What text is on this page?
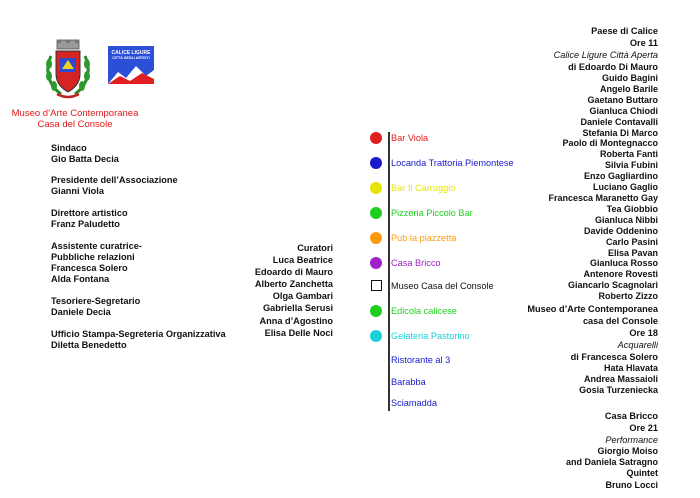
CALICE LIGURE
CITTÀ DEGLI ARTISTI
Museo d’Arte Contemporanea
Casa del Console
Sindaco
Gio Batta Decia
Presidente dell’Associazione
Gianni Viola
Direttore artistico
Franz Paludetto
Assistente curatrice-
Pubbliche relazioni
Francesca Solero
Alda Fontana
Tesoriere-Segretario
Daniele Decia
Ufficio Stampa-Segreteria Organizzativa
Diletta Benedetto
Curatori
Luca Beatrice
Edoardo di Mauro
Alberto Zanchetta
Olga Gambari
Gabriella Serusi
Anna d’Agostino
Elisa Delle Noci
Bar Viola
Locanda Trattoria Piemontese
Bar Il Carruggio
Pizzeria Piccolo Bar
Pub la piazzetta
Casa Bricco
Museo Casa del Console
Edicola calicese
Gelateria Pastorino
Ristorante al 3
Barabba
Sciamadda
Paese di Calice
Ore 11
Calice Ligure Città Aperta
di Edoardo Di Mauro
Guido Bagini
Angelo Barile
Gaetano Buttaro
Gianluca Chiodi
Daniele Contavalli
Stefania Di Marco
Paolo di Montegnacco
Roberta Fanti
Silvia Fubini
Enzo Gagliardino
Luciano Gaglio
Francesca Maranetto Gay
Tea Giobbio
Gianluca Nibbi
Davide Oddenino
Carlo Pasini
Elisa Pavan
Gianluca Rosso
Antenore Rovesti
Giancarlo Scagnolari
Roberto Zizzo
Museo d’Arte Contemporanea
casa del Console
Ore 18
Acquarelli
di Francesca Solero
Hata Hlavata
Andrea Massaioli
Gosia Turzeniecka
Casa Bricco
Ore 21
Performance
Giorgio Moiso
and Daniela Satragno
Quintet
Bruno Locci
